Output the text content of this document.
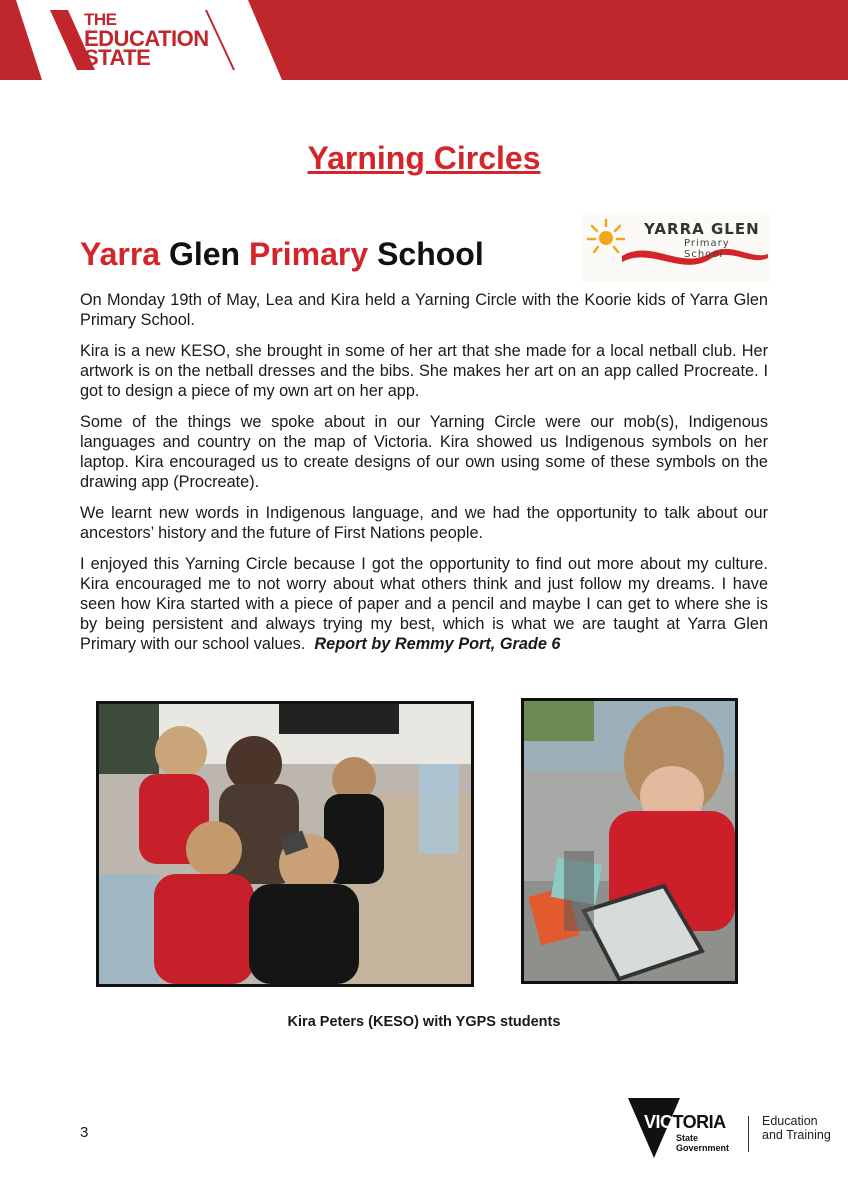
THE
EDUCATION
STATE
Yarning Circles
Yarra Glen Primary School
YARRA GLEN
Primary School

On Monday 19th of May, Lea and Kira held a Yarning Circle with the Koorie kids of Yarra Glen Primary School.

Kira is a new KESO, she brought in some of her art that she made for a local netball club. Her artwork is on the netball dresses and the bibs. She makes her art on an app called Procreate. I got to design a piece of my own art on her app.

Some of the things we spoke about in our Yarning Circle were our mob(s), Indigenous languages and country on the map of Victoria. Kira showed us Indigenous symbols on her laptop. Kira encouraged us to create designs of our own using some of these symbols on the drawing app (Procreate).

We learnt new words in Indigenous language, and we had the opportunity to talk about our ancestors’ history and the future of First Nations people.

I enjoyed this Yarning Circle because I got the opportunity to find out more about my culture. Kira encouraged me to not worry about what others think and just follow my dreams. I have seen how Kira started with a piece of paper and a pencil and maybe I can get to where she is by being persistent and always trying my best, which is what we are taught at Yarra Glen Primary with our school values. Report by Remmy Port, Grade 6

Kira Peters (KESO) with YGPS students
3
VICTORIA
State
Government
Education
and Training
